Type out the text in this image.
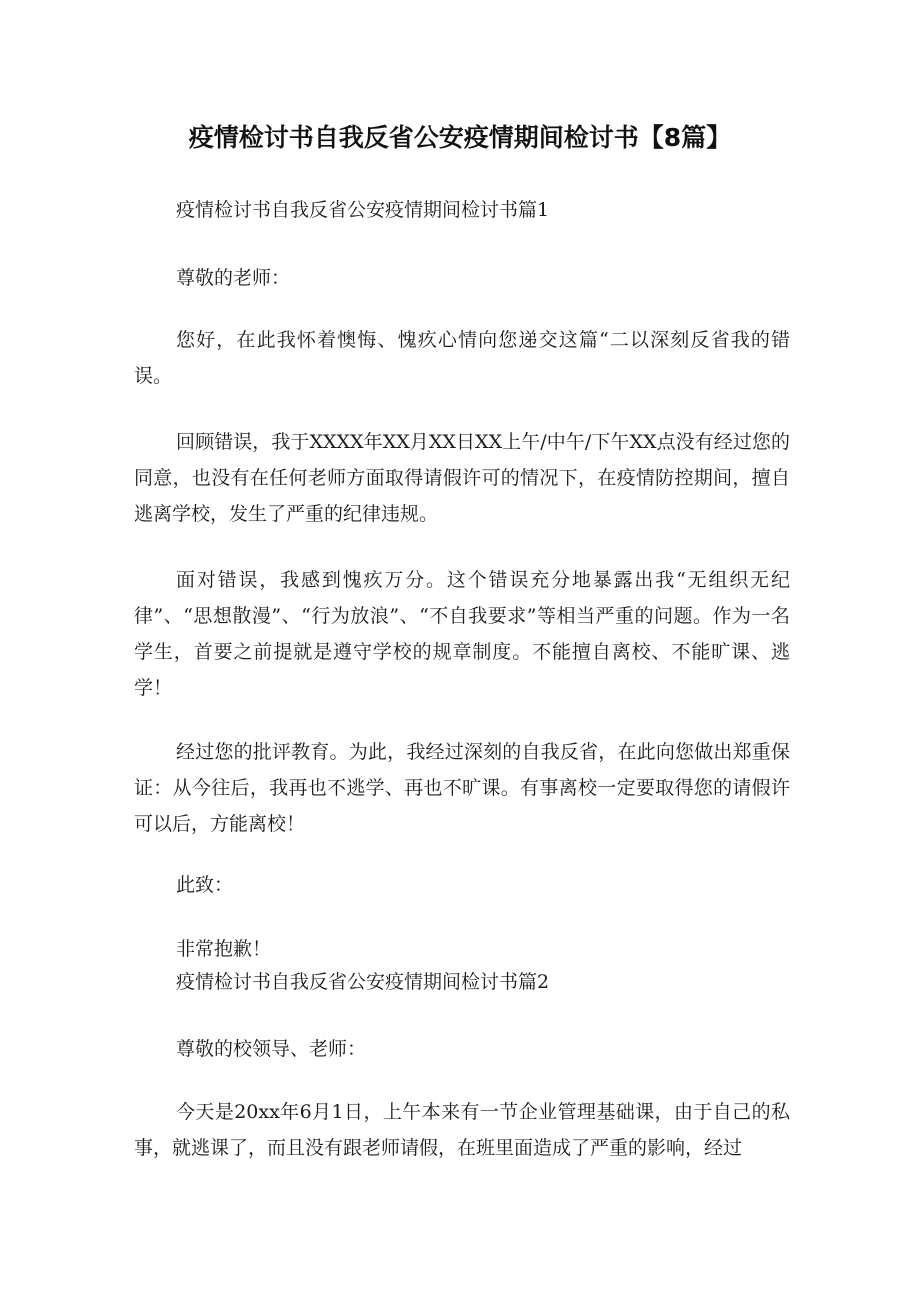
疫情检讨书自我反省公安疫情期间检讨书【8篇】
疫情检讨书自我反省公安疫情期间检讨书篇1
尊敬的老师：
您好，在此我怀着懊悔、愧疚心情向您递交这篇“二以深刻反省我的错误。
回顾错误，我于XXXX年XX月XX日XX上午/中午/下午XX点没有经过您的同意，也没有在任何老师方面取得请假许可的情况下，在疫情防控期间，擅自逃离学校，发生了严重的纪律违规。
面对错误，我感到愧疚万分。这个错误充分地暴露出我“无组织无纪律”、“思想散漫”、“行为放浪”、“不自我要求”等相当严重的问题。作为一名学生，首要之前提就是遵守学校的规章制度。不能擅自离校、不能旷课、逃学！
经过您的批评教育。为此，我经过深刻的自我反省，在此向您做出郑重保证：从今往后，我再也不逃学、再也不旷课。有事离校一定要取得您的请假许可以后，方能离校！
此致：
非常抱歉！
疫情检讨书自我反省公安疫情期间检讨书篇2
尊敬的校领导、老师：
今天是20xx年6月1日，上午本来有一节企业管理基础课，由于自己的私事，就逃课了，而且没有跟老师请假，在班里面造成了严重的影响，经过
